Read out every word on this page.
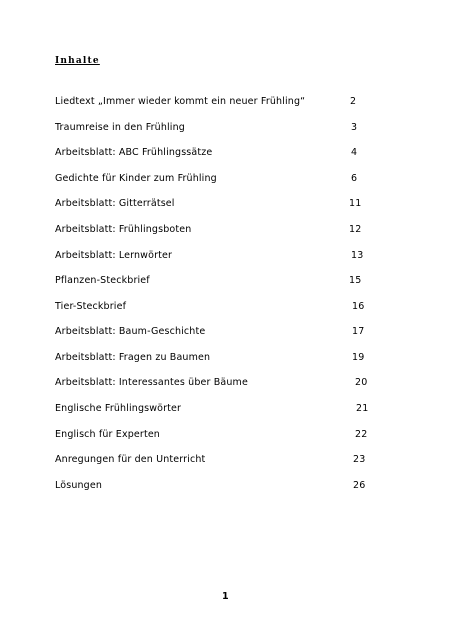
Inhalte
Liedtext „Immer wieder kommt ein neuer Frühling“	2
Traumreise in den Frühling	3
Arbeitsblatt: ABC Frühlingssätze	4
Gedichte für Kinder zum Frühling	6
Arbeitsblatt: Gitterrätsel	11
Arbeitsblatt: Frühlingsboten	12
Arbeitsblatt: Lernwörter	13
Pflanzen-Steckbrief	15
Tier-Steckbrief	16
Arbeitsblatt: Baum-Geschichte	17
Arbeitsblatt: Fragen zu Baumen	19
Arbeitsblatt: Interessantes über Bäume	20
Englische Frühlingswörter	21
Englisch für Experten	22
Anregungen für den Unterricht	23
Lösungen	26
1
